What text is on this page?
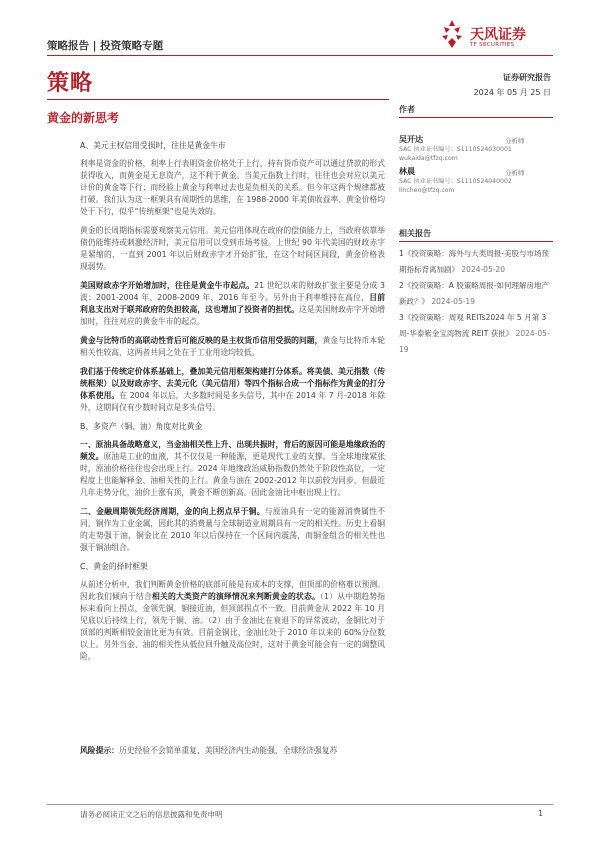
策略报告 | 投资策略专题
天风证券
TF SECURITIES
策略	证券研究报告
2024 年 05 月 25 日
黄金的新思考

A、美元主权信用受损时，往往是黄金牛市

利率是资金的价格，利率上行表明资金价格处于上行，持有货币资产可以通过贷款的形式获得收入，而黄金是无息资产，这不利于黄金。当美元指数上行时，往往也会对应以美元计价的黄金等下行；而经验上黄金与利率过去也是负相关的关系。但今年这两个规律都被打破。我们认为这一框架具有周期性的思维，在 1988-2000 年美债收益率、黄金价格均处于下行，似乎“传统框架”也是失效的。

黄金的长周期指标需要观察美元信用。美元信用体现在政府的偿债能力上，当政府依靠举债仍能维持或刺激经济时，美元信用可以受到市场考验。上世纪 90 年代美国的财政赤字是紧缩的，一直到 2001 年以后财政赤字才开始扩张，在这个时间区间段，黄金价格表现弱势。

美国财政赤字开始增加时，往往是黄金牛市起点。21 世纪以来的财政扩张主要是分成 3 波：2001-2004 年、2008-2009 年、2016 年至今。另外由于利率维持在高位，目前利息支出对于联邦政府的负担较高，这也增加了投资者的担忧。这是美国财政赤字开始增加时，往往对应的黄金牛市的起点。

黄金与比特币的高联动性背后可能反映的是主权货币信用受损的问题，黄金与比特币本轮相关性较高，这两者共同之处在于工业用途均较低。

我们基于传统定价体系基础上，叠加美元信用框架构建打分体系。将美债、美元指数（传统框架）以及财政赤字、去美元化（美元信用）等四个指标合成一个指标作为黄金的打分体系使用。在 2004 年以后，大多数时间是多头信号，其中在 2014 年 7 月-2018 年除外，这期间仅有少数时间点是多头信号。

B、多资产（铜、油）角度对比黄金

一、原油具备战略意义，当金油相关性上升、出现共振时，背后的原因可能是地缘政治的频发。原油是工业的血液，其不仅仅是一种能源，更是现代工业的支撑。当全球地缘紧张时，原油价格往往也会出现上行。2024 年地缘政治威胁指数仍然处于阶段性高位，一定程度上也能解释金、油相关性的上行。黄金与油在 2002-2012 年以前较为同步，但最近几年走势分化，油价上涨有顶，黄金不断创新高。因此金油比中枢出现上行。

二、金融周期领先经济周期，金的向上拐点早于铜。与原油具有一定的能源消费属性不同，铜作为工业金属，因此其的消费量与全球制造业周期具有一定的相关性。历史上看铜的走势强于油，铜金比在 2010 年以后保持在一个区间内震荡，而铜金组合的相关性也强于铜油组合。

C、黄金的择时框架

从前述分析中，我们判断黄金价格的底部可能是有成本的支撑，但顶部的价格难以预测。因此我们倾向于结合相关的大类资产的演绎情况来判断黄金的状态。（1）从中期趋势指标来看向上拐点，金领先铜，铜接近油，但顶部拐点不一致。目前黄金从 2022 年 10 月见底以后持续上行，领先于铜、油。（2）由于金油比在衰退下的异常波动，金铜比对于顶部的判断相较金油比更为有效。目前金铜比、金油比处于 2010 年以来的 60%分位数以上。另外当金、油的相关性从低位回升触及高位时，这对于黄金可能会有一定的调整风险。

风险提示：历史经验不会简单重复，美国经济内生动能强，全球经济强复苏
作者
吴开达	分析师
SAC 执业证书编号：S1110524030001
wukaida@tfzq.com
林晨	分析师
SAC 执业证书编号：S1110524040002
linchen@tfzq.com
相关报告
1《投资策略：海外与大类周报-美股与市场预期指标背离加剧》 2024-05-20
2《投资策略：A 股策略周报-如何理解房地产新政？》 2024-05-19
3《投资策略：周观 REITs2024 年 5 月第 3 周-华泰紫金宝湾物流 REIT 获批》 2024-05-19
请务必阅读正文之后的信息披露和免责申明	1
